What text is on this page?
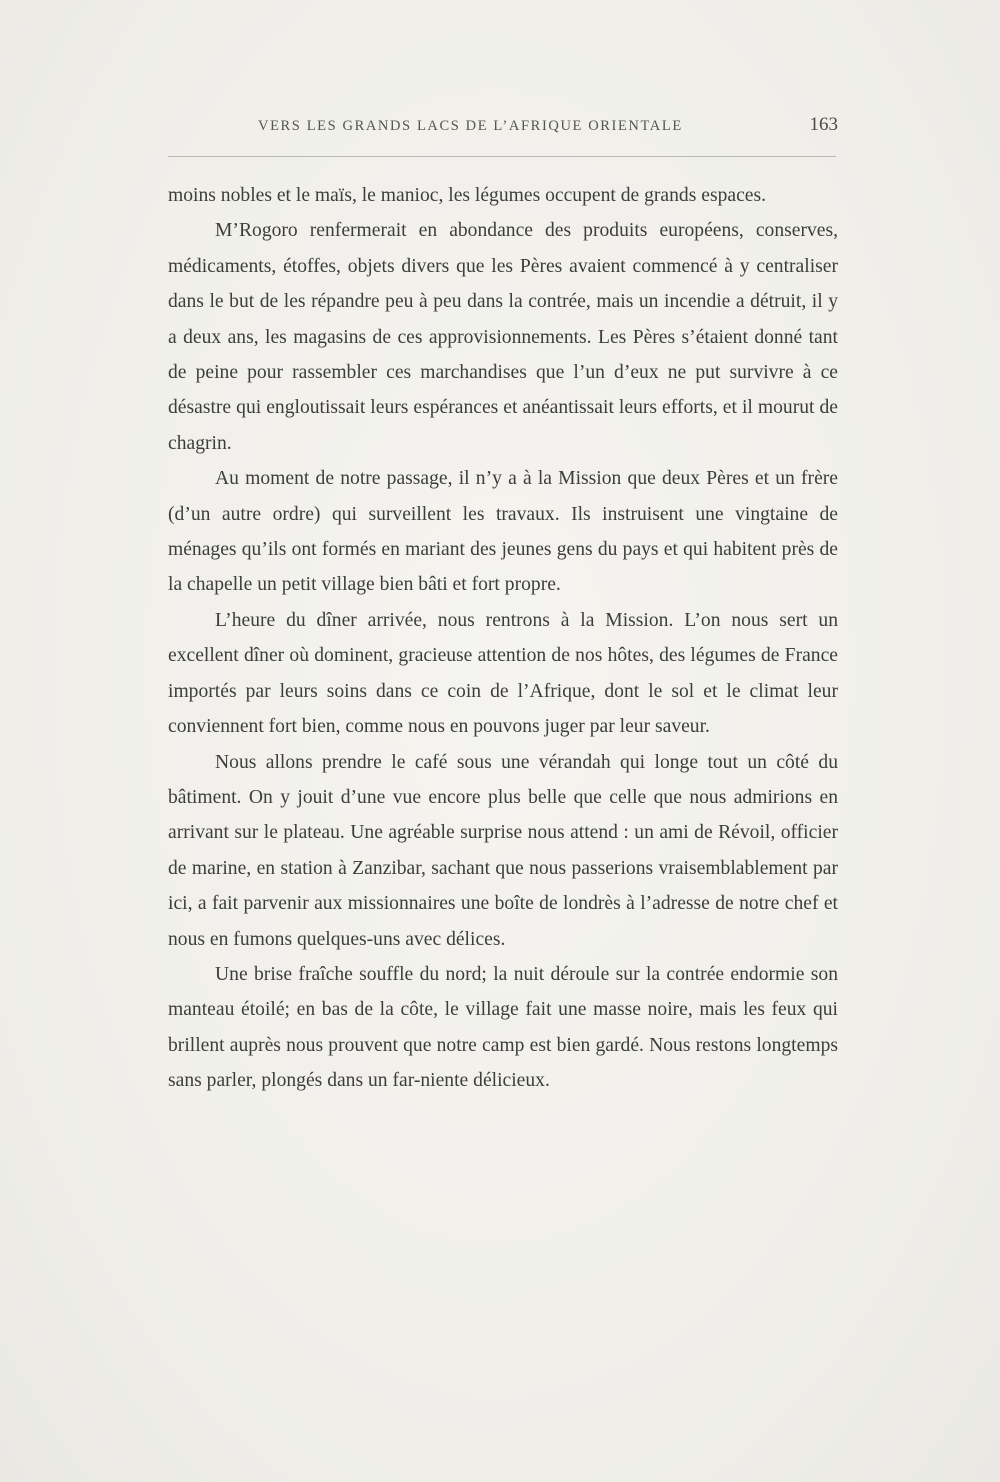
VERS LES GRANDS LACS DE L’AFRIQUE ORIENTALE	163

moins nobles et le maïs, le manioc, les légumes occupent de grands espaces.

M’Rogoro renfermerait en abondance des produits européens, conserves, médicaments, étoffes, objets divers que les Pères avaient commencé à y centraliser dans le but de les répandre peu à peu dans la contrée, mais un incendie a détruit, il y a deux ans, les magasins de ces approvisionnements. Les Pères s’étaient donné tant de peine pour rassembler ces marchandises que l’un d’eux ne put survivre à ce désastre qui engloutissait leurs espérances et anéantissait leurs efforts, et il mourut de chagrin.

Au moment de notre passage, il n’y a à la Mission que deux Pères et un frère (d’un autre ordre) qui surveillent les travaux. Ils instruisent une vingtaine de ménages qu’ils ont formés en mariant des jeunes gens du pays et qui habitent près de la chapelle un petit village bien bâti et fort propre.

L’heure du dîner arrivée, nous rentrons à la Mission. L’on nous sert un excellent dîner où dominent, gracieuse attention de nos hôtes, des légumes de France importés par leurs soins dans ce coin de l’Afrique, dont le sol et le climat leur conviennent fort bien, comme nous en pouvons juger par leur saveur.

Nous allons prendre le café sous une vérandah qui longe tout un côté du bâtiment. On y jouit d’une vue encore plus belle que celle que nous admirions en arrivant sur le plateau. Une agréable surprise nous attend : un ami de Révoil, officier de marine, en station à Zanzibar, sachant que nous passerions vraisemblablement par ici, a fait parvenir aux missionnaires une boîte de londrès à l’adresse de notre chef et nous en fumons quelques-uns avec délices.

Une brise fraîche souffle du nord; la nuit déroule sur la contrée endormie son manteau étoilé; en bas de la côte, le village fait une masse noire, mais les feux qui brillent auprès nous prouvent que notre camp est bien gardé. Nous restons longtemps sans parler, plongés dans un far-niente délicieux.
